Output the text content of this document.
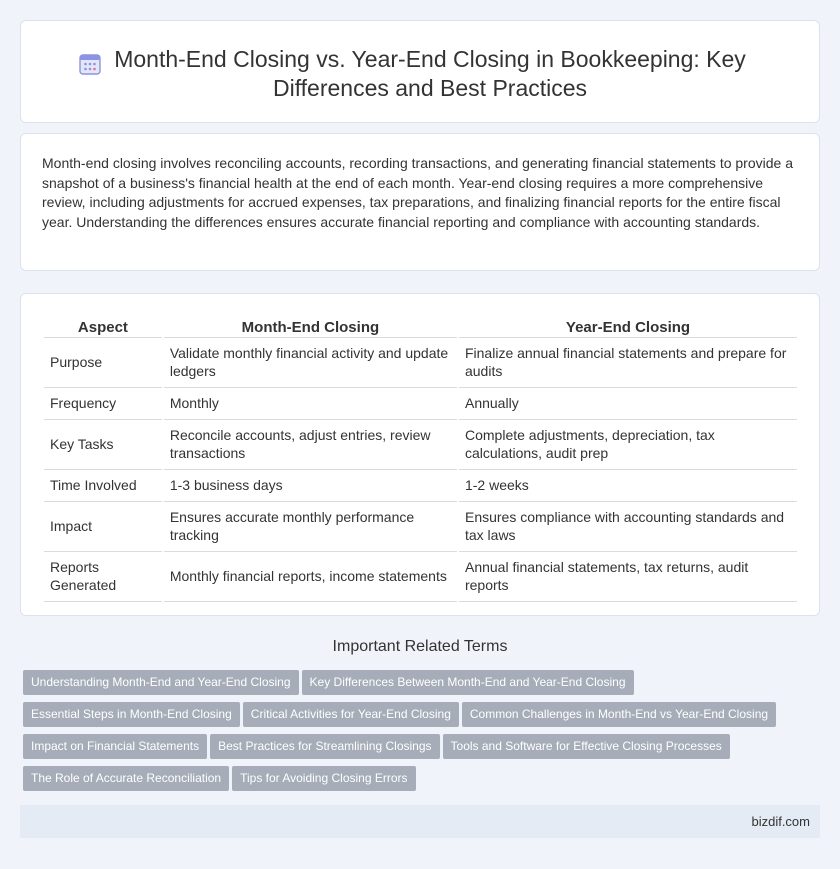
Month-End Closing vs. Year-End Closing in Bookkeeping: Key Differences and Best Practices

Month-end closing involves reconciling accounts, recording transactions, and generating financial statements to provide a snapshot of a business's financial health at the end of each month. Year-end closing requires a more comprehensive review, including adjustments for accrued expenses, tax preparations, and finalizing financial reports for the entire fiscal year. Understanding the differences ensures accurate financial reporting and compliance with accounting standards.

Aspect	Month-End Closing	Year-End Closing
Purpose	Validate monthly financial activity and update ledgers	Finalize annual financial statements and prepare for audits
Frequency	Monthly	Annually
Key Tasks	Reconcile accounts, adjust entries, review transactions	Complete adjustments, depreciation, tax calculations, audit prep
Time Involved	1-3 business days	1-2 weeks
Impact	Ensures accurate monthly performance tracking	Ensures compliance with accounting standards and tax laws
Reports Generated	Monthly financial reports, income statements	Annual financial statements, tax returns, audit reports
Important Related Terms
Understanding Month-End and Year-End Closing Key Differences Between Month-End and Year-End Closing
Essential Steps in Month-End Closing Critical Activities for Year-End Closing Common Challenges in Month-End vs Year-End Closing
Impact on Financial Statements Best Practices for Streamlining Closings Tools and Software for Effective Closing Processes
The Role of Accurate Reconciliation Tips for Avoiding Closing Errors
bizdif.com
